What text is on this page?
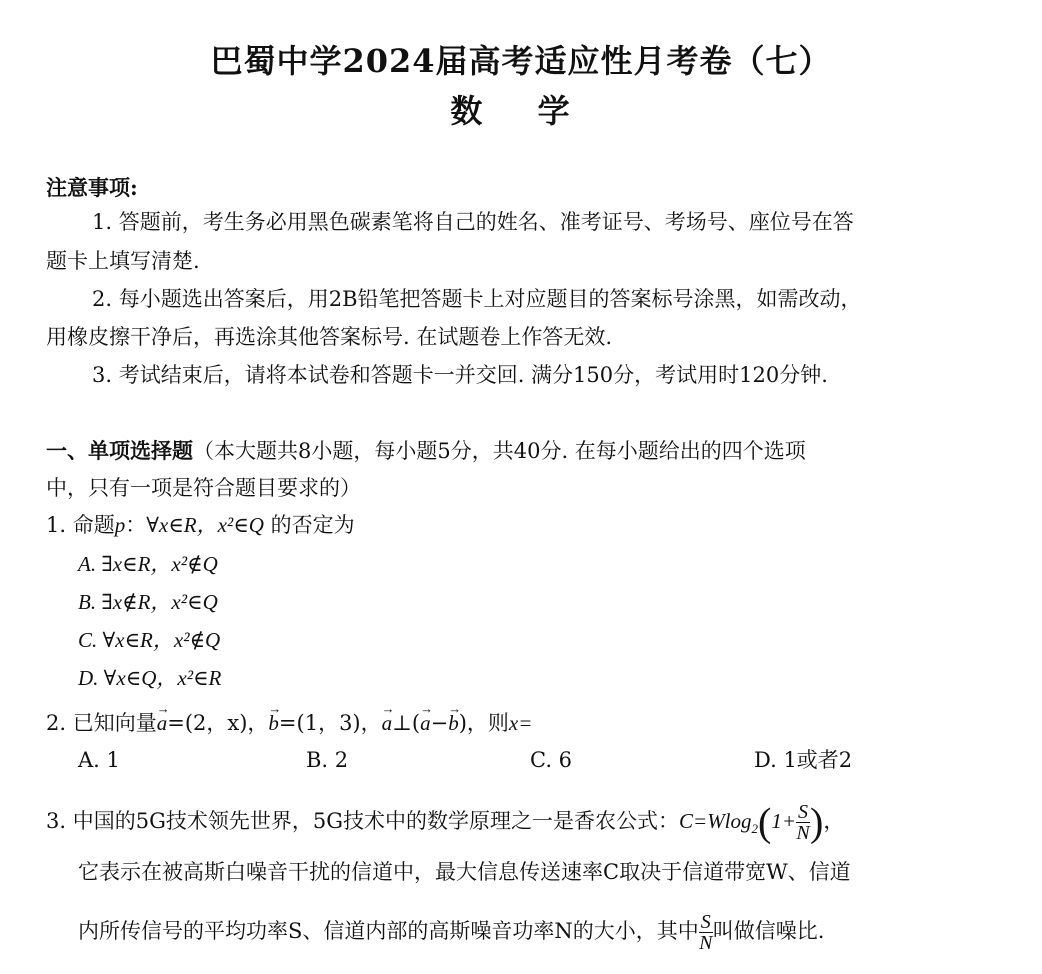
巴蜀中学2024届高考适应性月考卷（七）
数 学
注意事项:
1. 答题前，考生务必用黑色碳素笔将自己的姓名、准考证号、考场号、座位号在答
题卡上填写清楚.
2. 每小题选出答案后，用2B铅笔把答题卡上对应题目的答案标号涂黑，如需改动，
用橡皮擦干净后，再选涂其他答案标号. 在试题卷上作答无效.
3. 考试结束后，请将本试卷和答题卡一并交回. 满分150分，考试用时120分钟.
一、单项选择题（本大题共8小题，每小题5分，共40分. 在每小题给出的四个选项
中，只有一项是符合题目要求的）
1. 命题p：∀x∈R，x²∈Q 的否定为
A. ∃x∈R，x²∉Q
B. ∃x∉R，x²∈Q
C. ∀x∈R，x²∉Q
D. ∀x∈Q，x²∈R
2. 已知向量→ a=(2，x)，→ b=(1，3)，→ a⊥(→ a−→ b)，则x=
A. 1	B. 2	C. 6	D. 1或者2
3. 中国的5G技术领先世界，5G技术中的数学原理之一是香农公式：$C=Wlog_2(1+ \frac{S}{N}$ )，
它表示在被高斯白噪音干扰的信道中，最大信息传送速率C取决于信道带宽W、信道
内所传信号的平均功率S、信道内部的高斯噪音功率N的大小，其中 $\frac{S}{N}$ 叫做信噪比.
